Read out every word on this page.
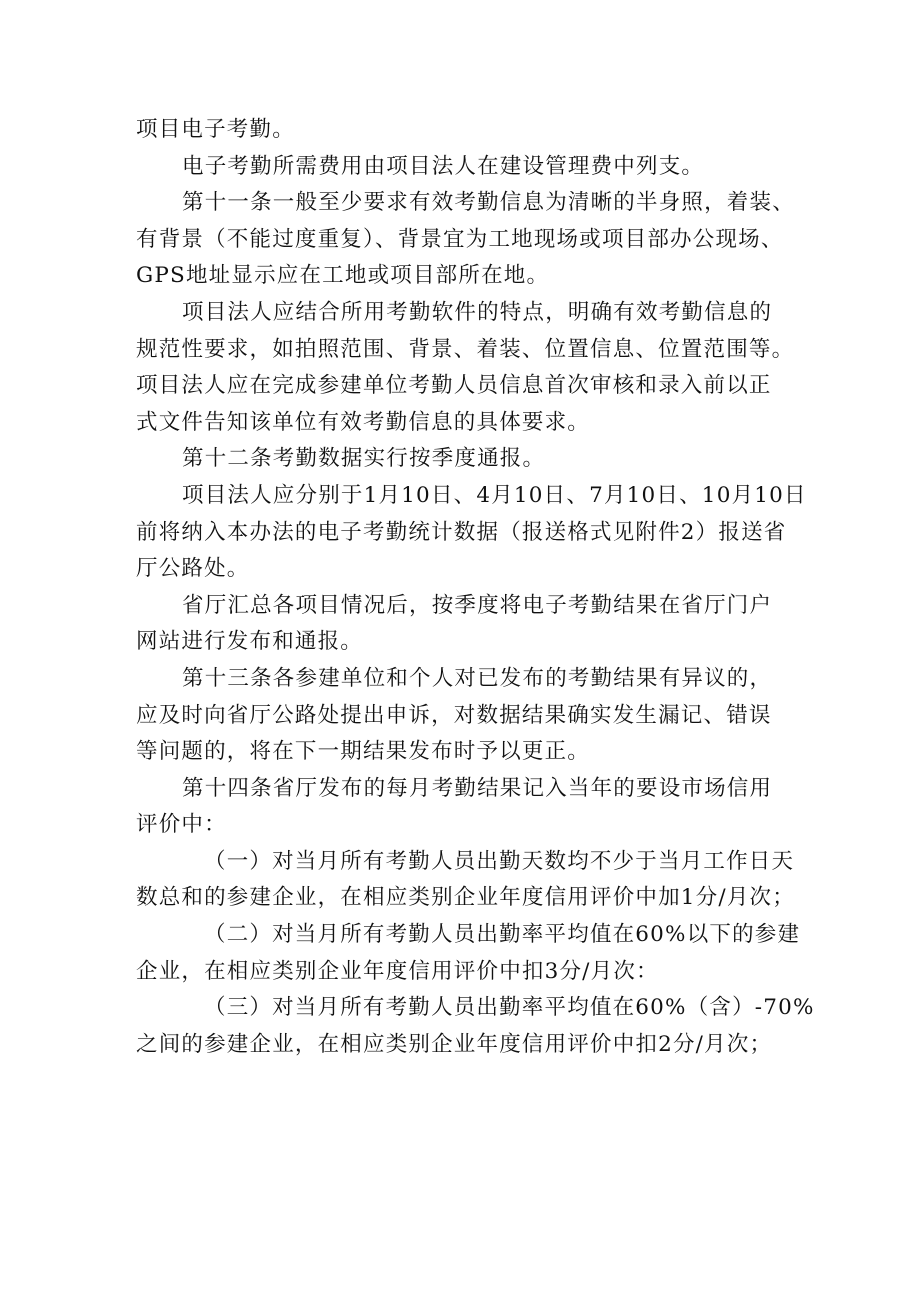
项目电子考勤。
电子考勤所需费用由项目法人在建设管理费中列支。
第十一条一般至少要求有效考勤信息为清晰的半身照，着装、
有背景（不能过度重复）、背景宜为工地现场或项目部办公现场、
GPS地址显示应在工地或项目部所在地。
项目法人应结合所用考勤软件的特点，明确有效考勤信息的
规范性要求，如拍照范围、背景、着装、位置信息、位置范围等。
项目法人应在完成参建单位考勤人员信息首次审核和录入前以正
式文件告知该单位有效考勤信息的具体要求。
第十二条考勤数据实行按季度通报。
项目法人应分别于1月10日、4月10日、7月10日、10月10日
前将纳入本办法的电子考勤统计数据（报送格式见附件2）报送省
厅公路处。
省厅汇总各项目情况后，按季度将电子考勤结果在省厅门户
网站进行发布和通报。
第十三条各参建单位和个人对已发布的考勤结果有异议的，
应及时向省厅公路处提出申诉，对数据结果确实发生漏记、错误
等问题的，将在下一期结果发布时予以更正。
第十四条省厅发布的每月考勤结果记入当年的要设市场信用
评价中：
（一）对当月所有考勤人员出勤天数均不少于当月工作日天
数总和的参建企业，在相应类别企业年度信用评价中加1分/月次；
（二）对当月所有考勤人员出勤率平均值在60%以下的参建
企业，在相应类别企业年度信用评价中扣3分/月次：
（三）对当月所有考勤人员出勤率平均值在60%（含）-70%
之间的参建企业，在相应类别企业年度信用评价中扣2分/月次；
